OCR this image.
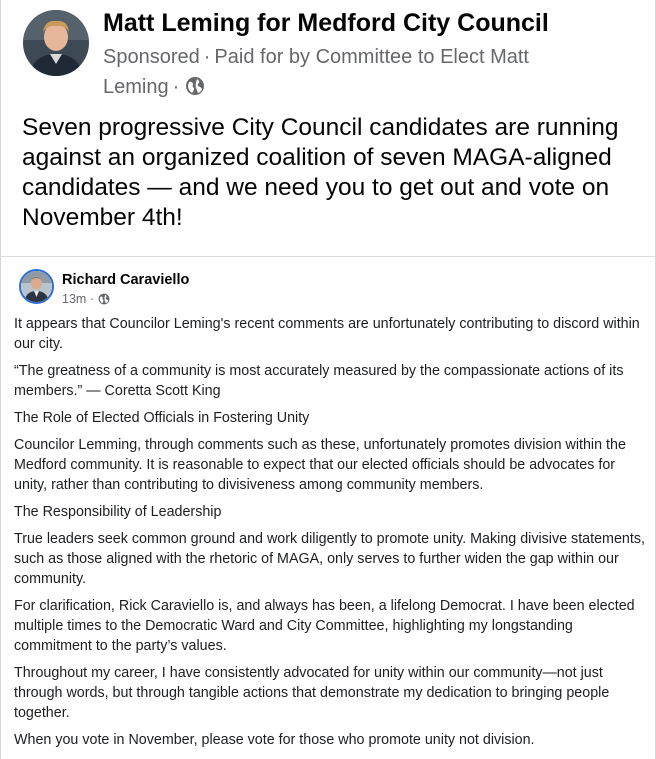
Matt Leming for Medford City Council
Sponsored · Paid for by Committee to Elect Matt
Leming ·
Seven progressive City Council candidates are running against an organized coalition of seven MAGA-aligned candidates — and we need you to get out and vote on November 4th!
Richard Caraviello
13m ·

It appears that Councilor Leming's recent comments are unfortunately contributing to discord within our city.

“The greatness of a community is most accurately measured by the compassionate actions of its members.” — Coretta Scott King

The Role of Elected Officials in Fostering Unity

Councilor Lemming, through comments such as these, unfortunately promotes division within the Medford community. It is reasonable to expect that our elected officials should be advocates for unity, rather than contributing to divisiveness among community members.

The Responsibility of Leadership

True leaders seek common ground and work diligently to promote unity. Making divisive statements, such as those aligned with the rhetoric of MAGA, only serves to further widen the gap within our community.

For clarification, Rick Caraviello is, and always has been, a lifelong Democrat. I have been elected multiple times to the Democratic Ward and City Committee, highlighting my longstanding commitment to the party’s values.

Throughout my career, I have consistently advocated for unity within our community—not just through words, but through tangible actions that demonstrate my dedication to bringing people together.

When you vote in November, please vote for those who promote unity not division.
